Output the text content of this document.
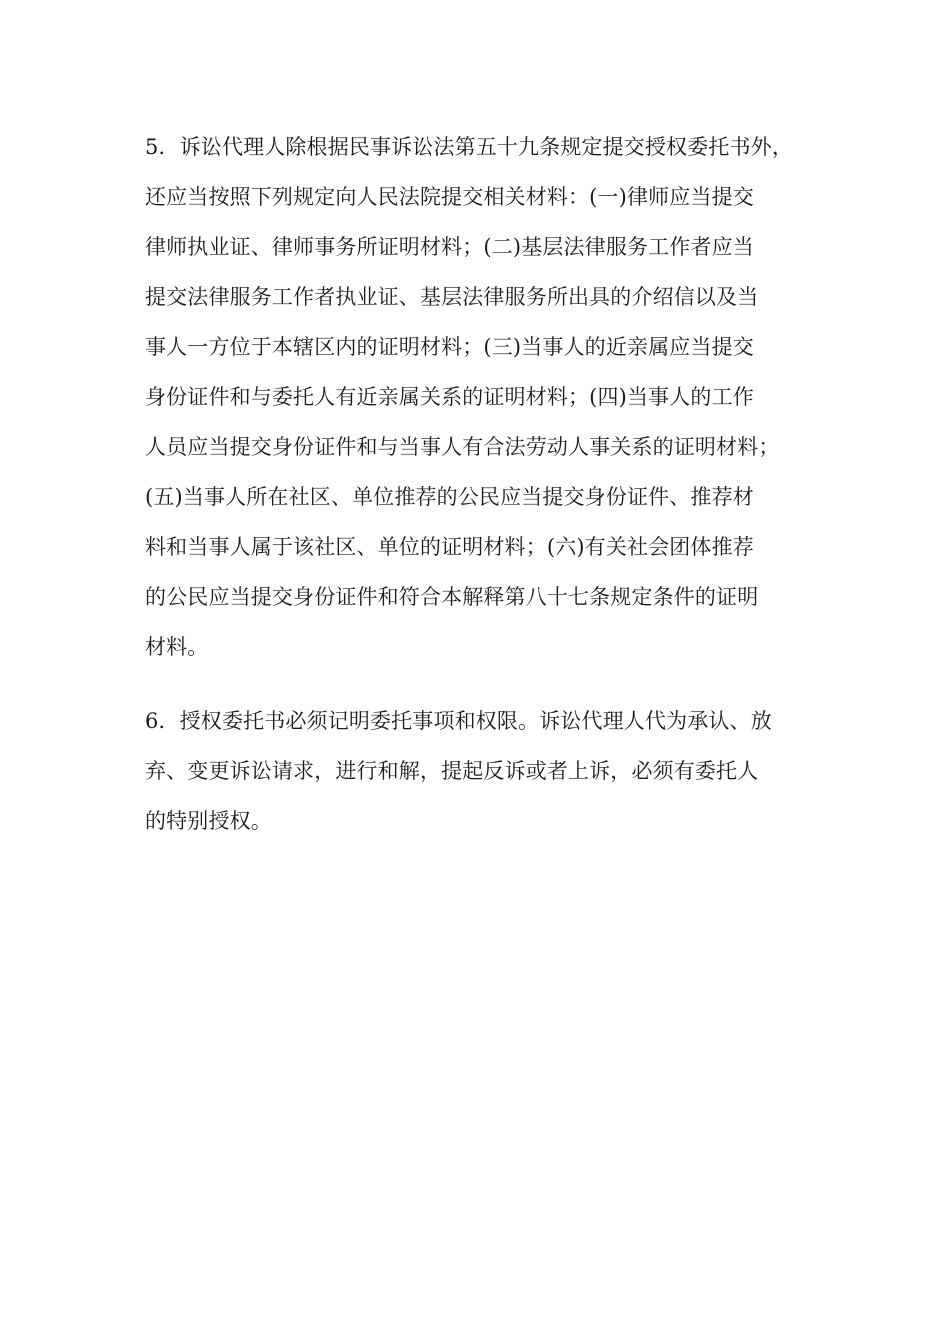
5．诉讼代理人除根据民事诉讼法第五十九条规定提交授权委托书外，
还应当按照下列规定向人民法院提交相关材料：(一)律师应当提交
律师执业证、律师事务所证明材料；(二)基层法律服务工作者应当
提交法律服务工作者执业证、基层法律服务所出具的介绍信以及当
事人一方位于本辖区内的证明材料；(三)当事人的近亲属应当提交
身份证件和与委托人有近亲属关系的证明材料；(四)当事人的工作
人员应当提交身份证件和与当事人有合法劳动人事关系的证明材料；
(五)当事人所在社区、单位推荐的公民应当提交身份证件、推荐材
料和当事人属于该社区、单位的证明材料；(六)有关社会团体推荐
的公民应当提交身份证件和符合本解释第八十七条规定条件的证明
材料。
6．授权委托书必须记明委托事项和权限。诉讼代理人代为承认、放
弃、变更诉讼请求，进行和解，提起反诉或者上诉，必须有委托人
的特别授权。
